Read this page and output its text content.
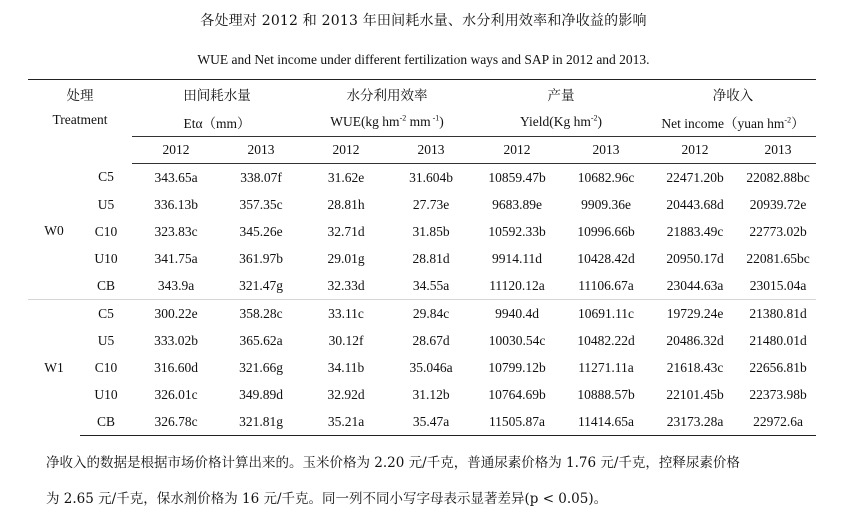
各处理对 2012 和 2013 年田间耗水量、水分利用效率和净收益的影响
WUE and Net income under different fertilization ways and SAP in 2012 and 2013.
处理		田间耗水量		水分利用效率		产量		净收入	
Treatment		Etα（mm）		WUE(kg $hm^{-2}$ mm $^{-1}$)		Yield(Kg $hm^{-2}$)		Net income（yuan $hm^{-2}$）	
		2012	2013	2012	2013	2012	2013	2012	2013
W0	C5	343.65a	338.07f	31.62e	31.604b	10859.47b	10682.96c	22471.20b	22082.88bc
	U5	336.13b	357.35c	28.81h	27.73e	9683.89e	9909.36e	20443.68d	20939.72e
	C10	323.83c	345.26e	32.71d	31.85b	10592.33b	10996.66b	21883.49c	22773.02b
	U10	341.75a	361.97b	29.01g	28.81d	9914.11d	10428.42d	20950.17d	22081.65bc
	CB	343.9a	321.47g	32.33d	34.55a	11120.12a	11106.67a	23044.63a	23015.04a
W1	C5	300.22e	358.28c	33.11c	29.84c	9940.4d	10691.11c	19729.24e	21380.81d
	U5	333.02b	365.62a	30.12f	28.67d	10030.54c	10482.22d	20486.32d	21480.01d
	C10	316.60d	321.66g	34.11b	35.046a	10799.12b	11271.11a	21618.43c	22656.81b
	U10	326.01c	349.89d	32.92d	31.12b	10764.69b	10888.57b	22101.45b	22373.98b
	CB	326.78c	321.81g	35.21a	35.47a	11505.87a	11414.65a	23173.28a	22972.6a
净收入的数据是根据市场价格计算出来的。玉米价格为 2.20 元/千克，普通尿素价格为 1.76 元/千克，控释尿素价格
为 2.65 元/千克，保水剂价格为 16 元/千克。同一列不同小写字母表示显著差异(p < 0.05)。
